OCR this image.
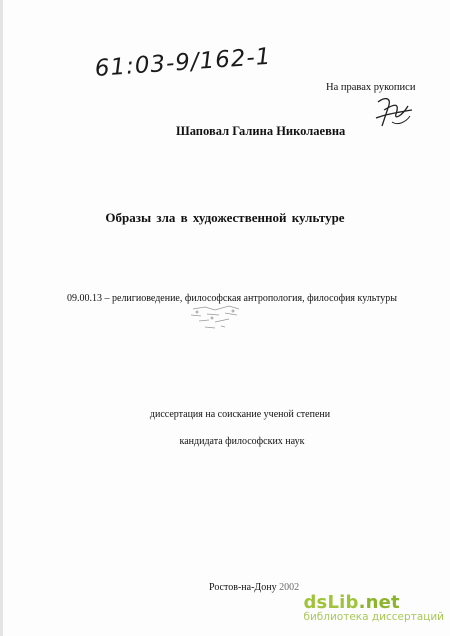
61:03-9/162-1
На правах рукописи
Шаповал Галина Николаевна
Образы зла в художественной культуре
09.00.13 – религиоведение, философская антропология, философия культуры
диссертация на соискание ученой степени
кандидата философских наук
Ростов-на-Дону 2002
dsLib.net
библиотека диссертаций
